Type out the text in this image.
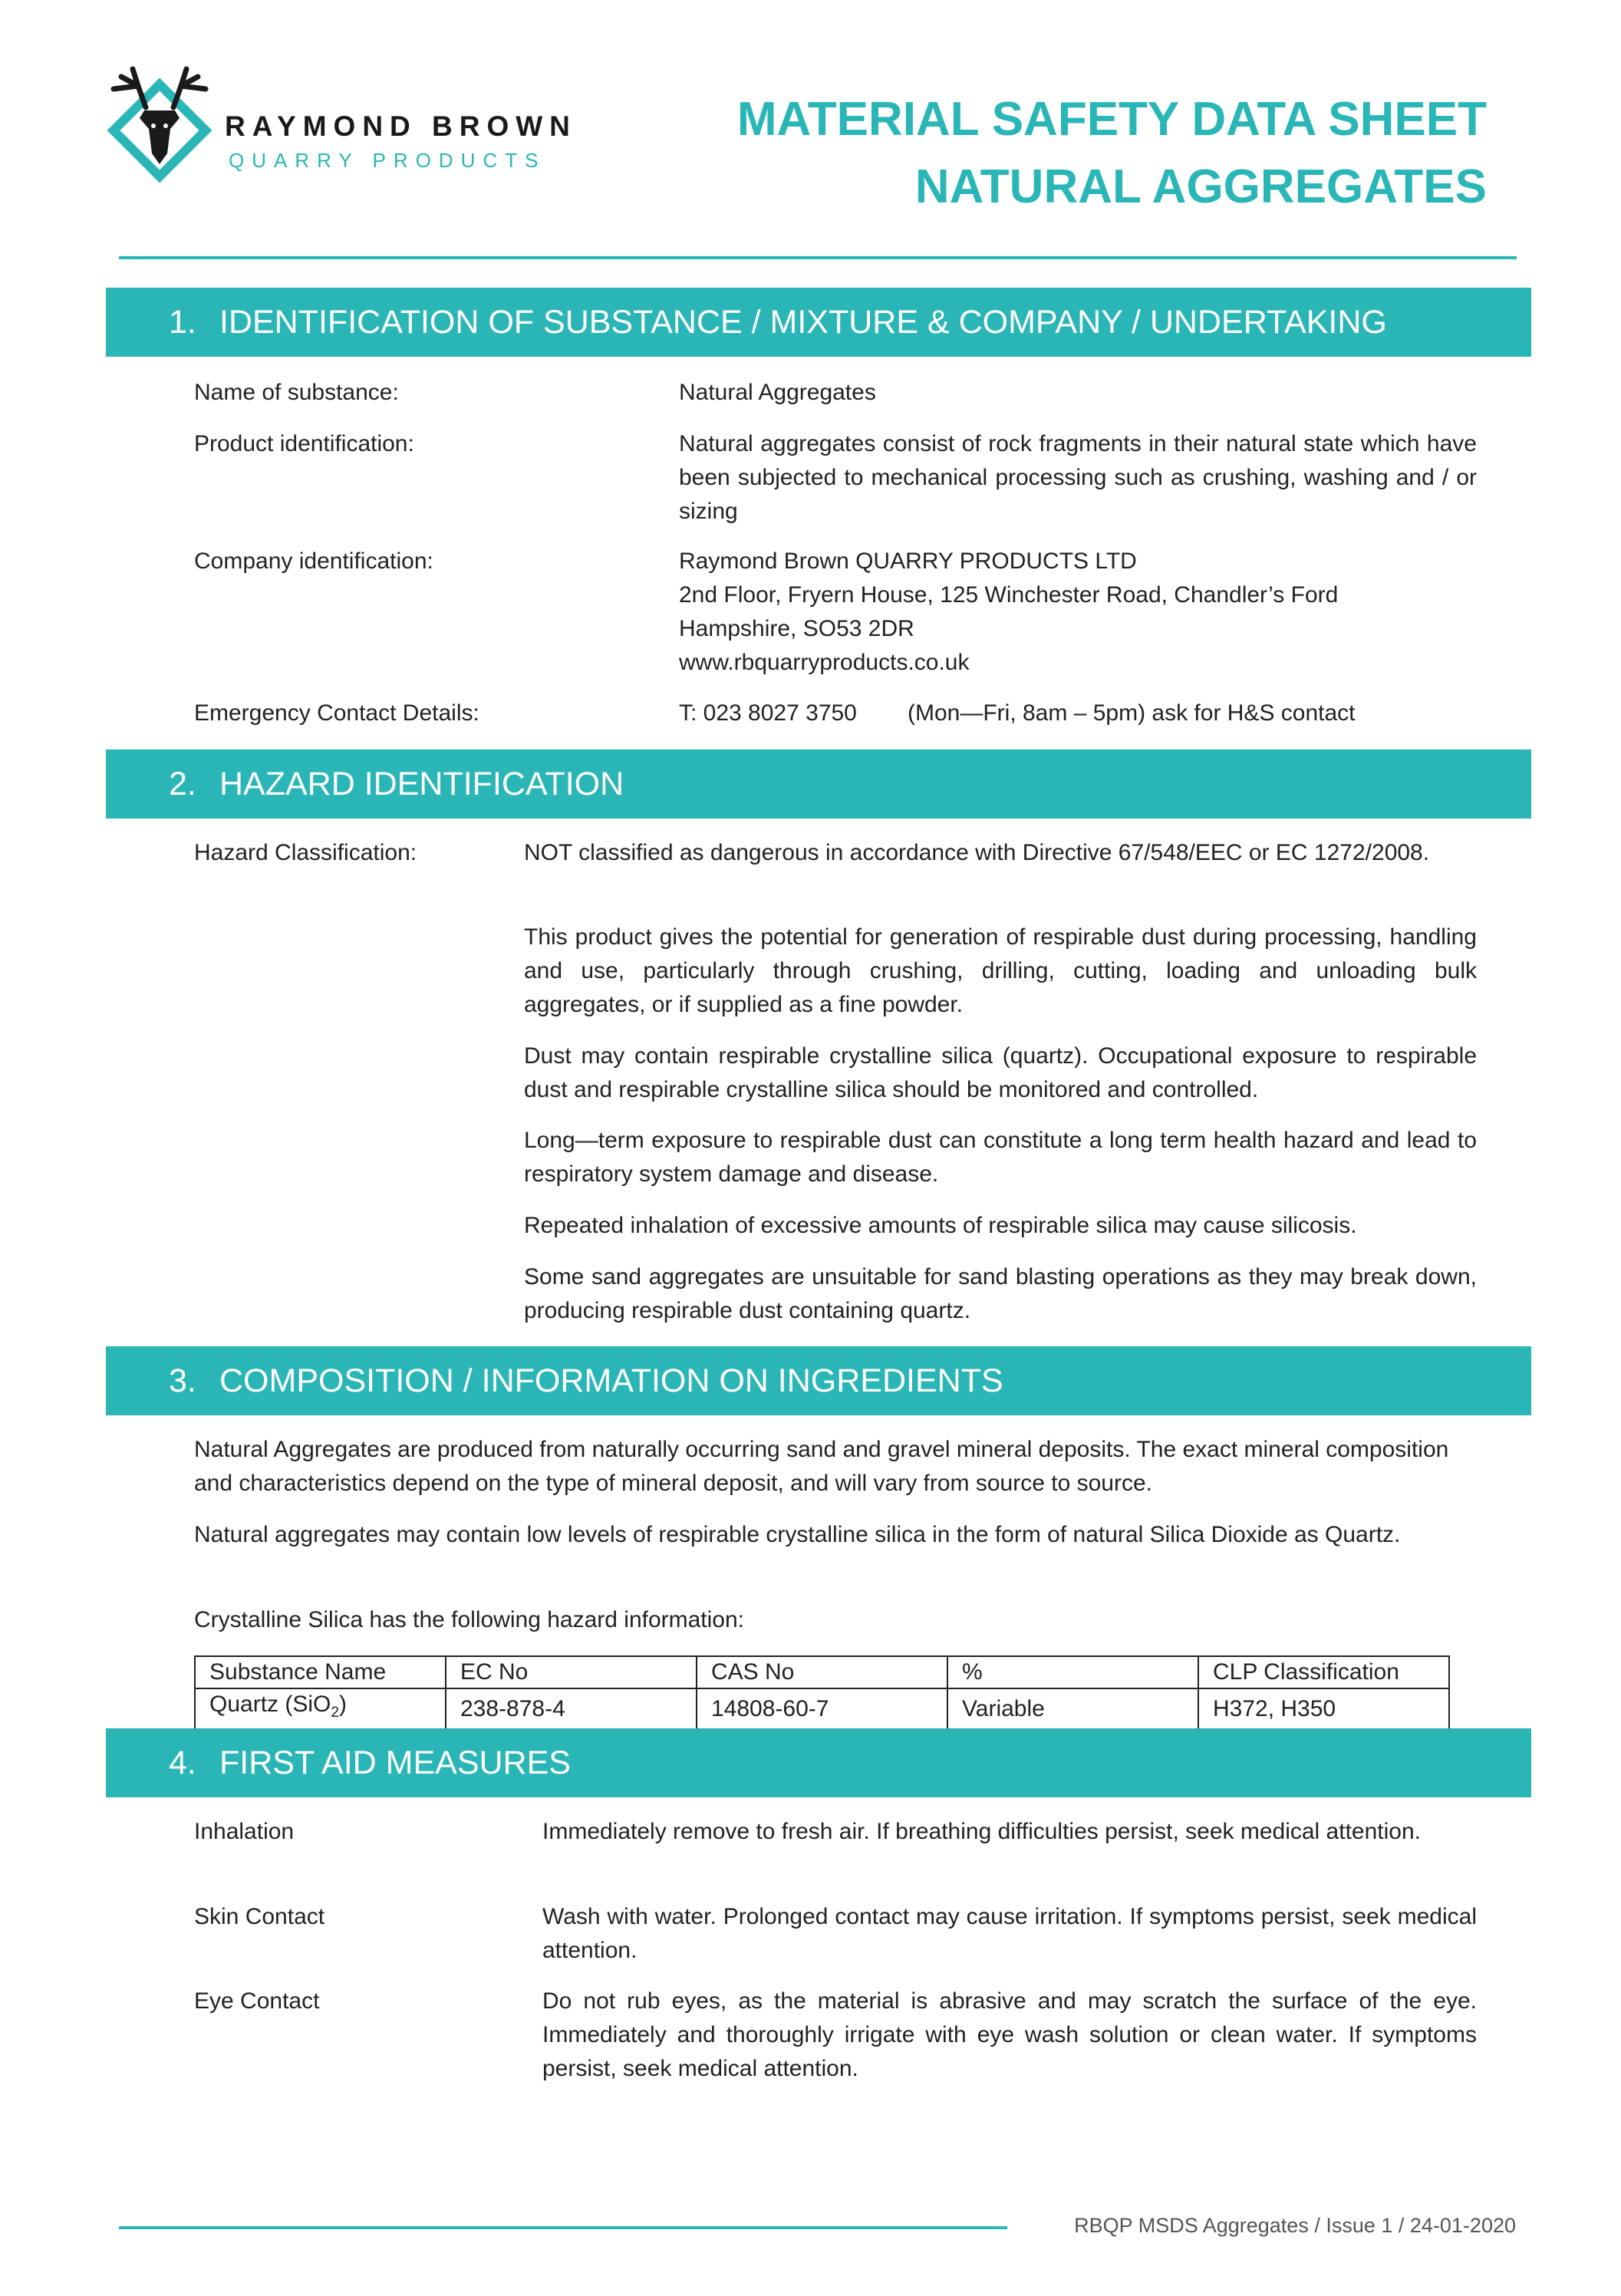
RAYMOND BROWN
QUARRY PRODUCTS
MATERIAL SAFETY DATA SHEET
NATURAL AGGREGATES
1. IDENTIFICATION OF SUBSTANCE / MIXTURE & COMPANY / UNDERTAKING
Name of substance:	Natural Aggregates
Product identification:	Natural aggregates consist of rock fragments in their natural state which have been subjected to mechanical processing such as crushing, washing and / or sizing
Company identification:	Raymond Brown QUARRY PRODUCTS LTD
2nd Floor, Fryern House, 125 Winchester Road, Chandler’s Ford
Hampshire, SO53 2DR
www.rbquarryproducts.co.uk
Emergency Contact Details:	T: 023 8027 3750 (Mon—Fri, 8am – 5pm) ask for H&S contact
2. HAZARD IDENTIFICATION
Hazard Classification:	NOT classified as dangerous in accordance with Directive 67/548/EEC or EC 1272/2008.
This product gives the potential for generation of respirable dust during processing, handling and use, particularly through crushing, drilling, cutting, loading and unloading bulk aggregates, or if supplied as a fine powder.
Dust may contain respirable crystalline silica (quartz). Occupational exposure to respirable dust and respirable crystalline silica should be monitored and controlled.
Long—term exposure to respirable dust can constitute a long term health hazard and lead to respiratory system damage and disease.
Repeated inhalation of excessive amounts of respirable silica may cause silicosis.
Some sand aggregates are unsuitable for sand blasting operations as they may break down, producing respirable dust containing quartz.
3. COMPOSITION / INFORMATION ON INGREDIENTS
Natural Aggregates are produced from naturally occurring sand and gravel mineral deposits. The exact mineral composition and characteristics depend on the type of mineral deposit, and will vary from source to source.
Natural aggregates may contain low levels of respirable crystalline silica in the form of natural Silica Dioxide as Quartz.
Crystalline Silica has the following hazard information:
Substance Name	EC No	CAS No	%	CLP Classification
Quartz (SiO$_2$)	238-878-4	14808-60-7	Variable	H372, H350
4. FIRST AID MEASURES
Inhalation	Immediately remove to fresh air. If breathing difficulties persist, seek medical attention.
Skin Contact	Wash with water. Prolonged contact may cause irritation. If symptoms persist, seek medical attention.
Eye Contact	Do not rub eyes, as the material is abrasive and may scratch the surface of the eye. Immediately and thoroughly irrigate with eye wash solution or clean water. If symptoms persist, seek medical attention.
RBQP MSDS Aggregates / Issue 1 / 24-01-2020
